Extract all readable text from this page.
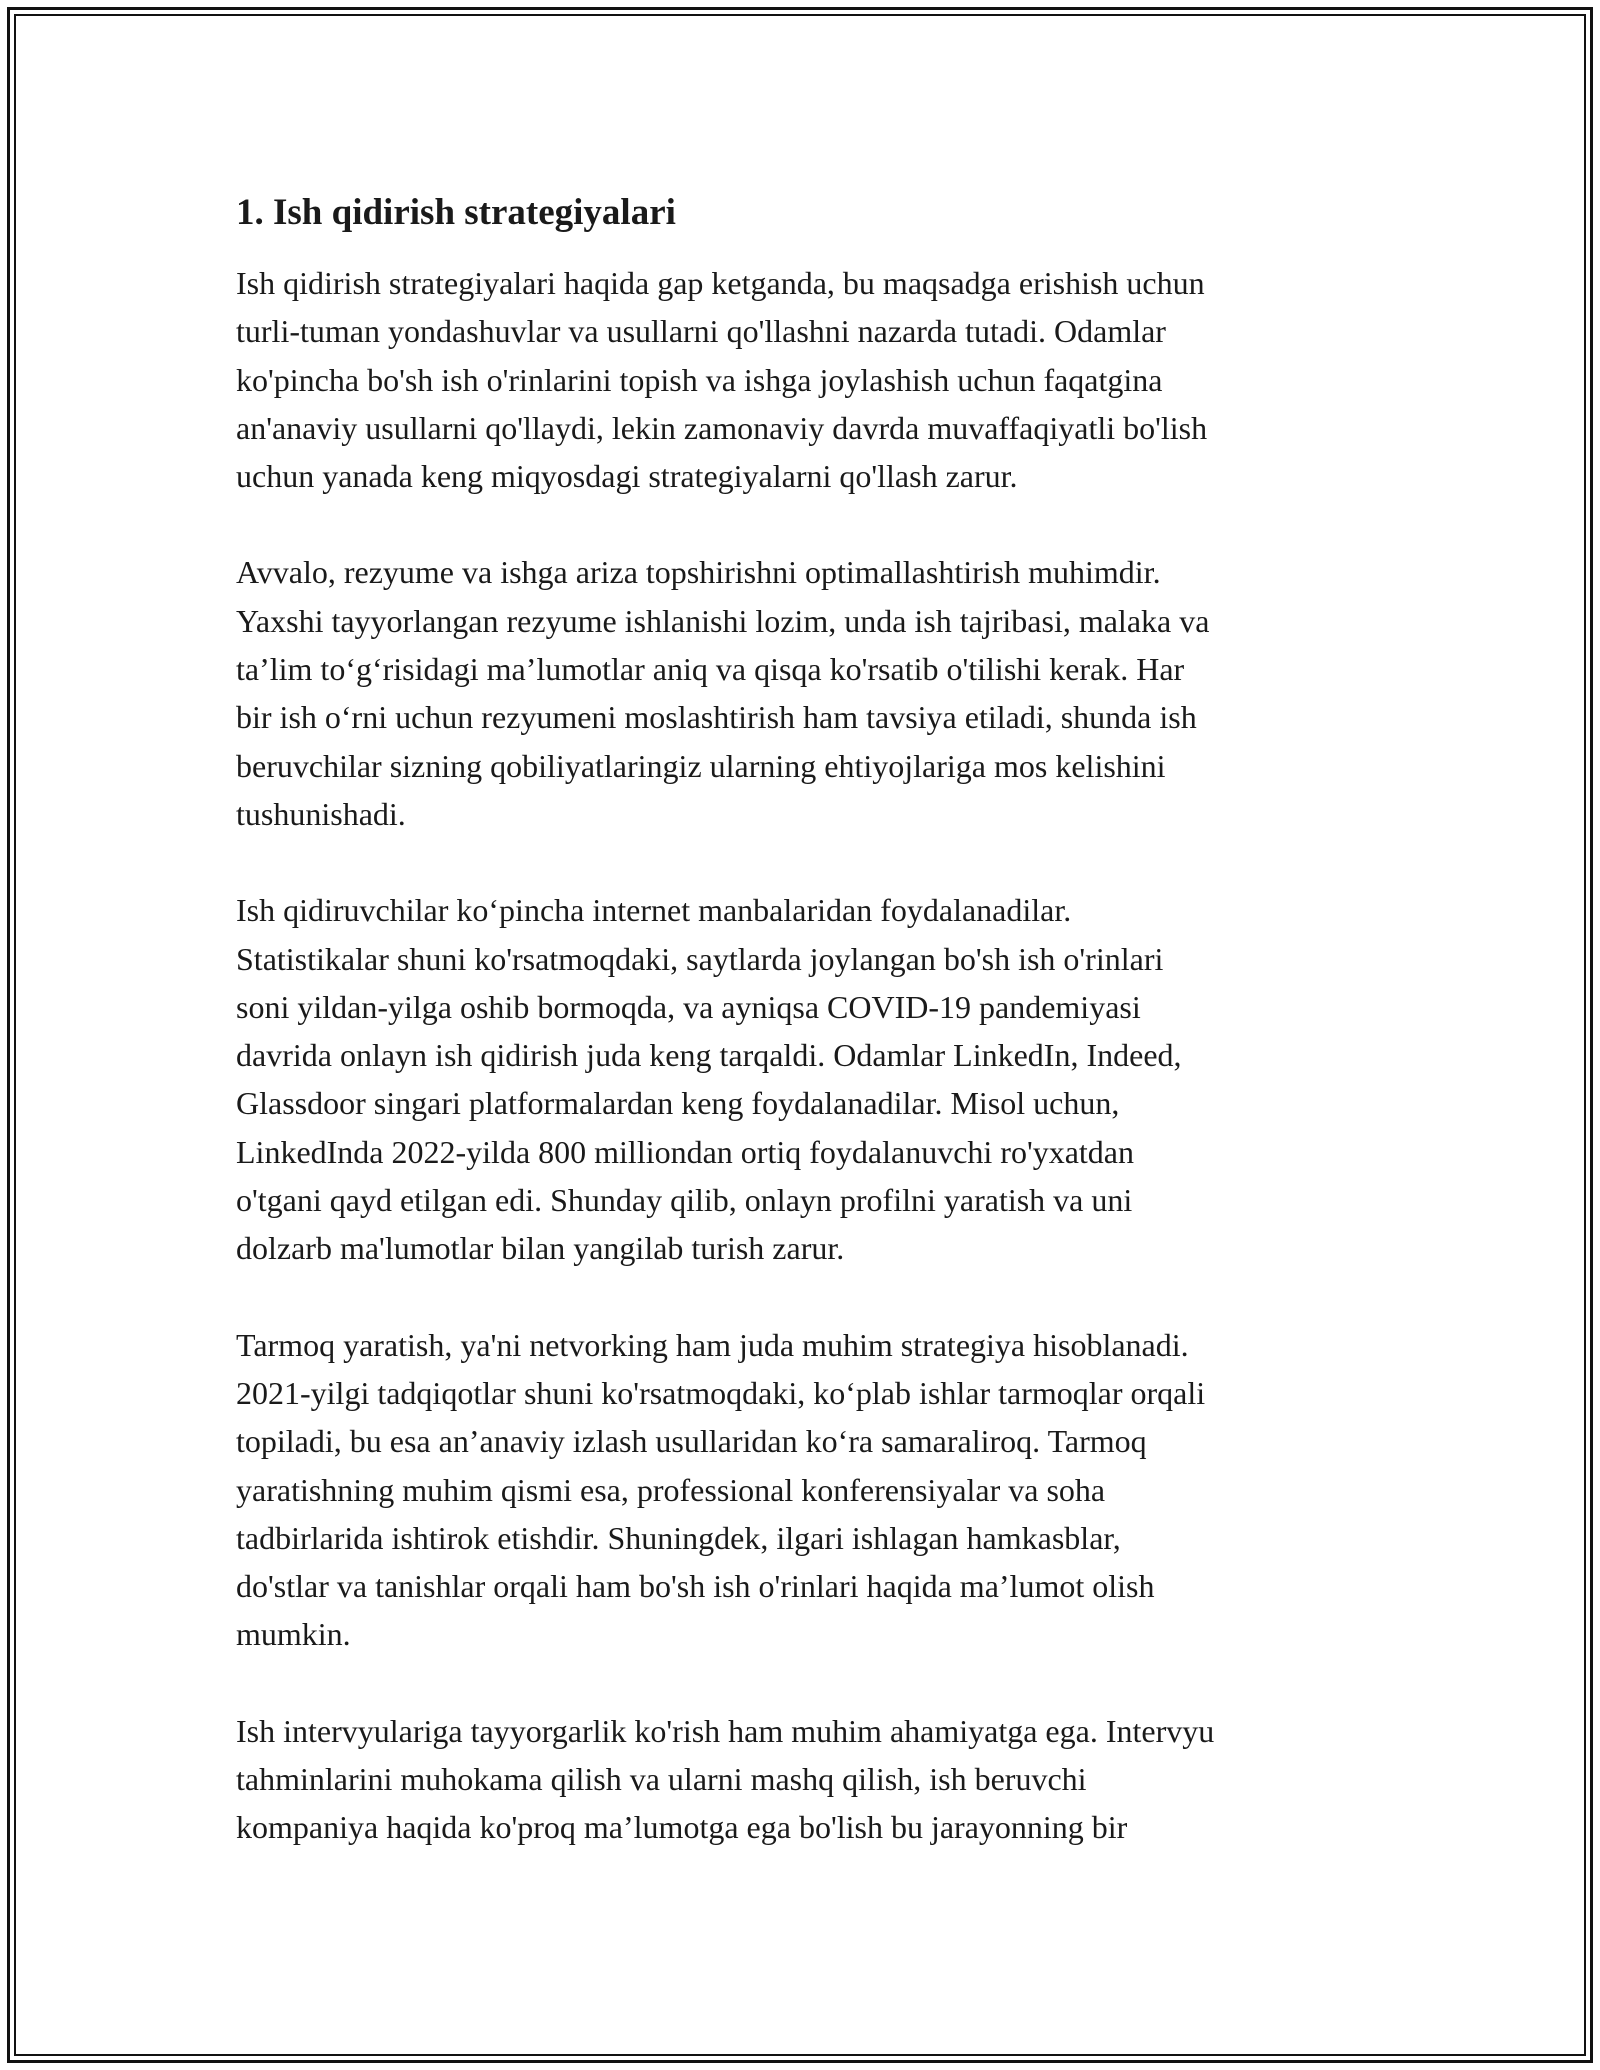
1. Ish qidirish strategiyalari
Ish qidirish strategiyalari haqida gap ketganda, bu maqsadga erishish uchun
turli-tuman yondashuvlar va usullarni qo'llashni nazarda tutadi. Odamlar
ko'pincha bo'sh ish o'rinlarini topish va ishga joylashish uchun faqatgina
an'anaviy usullarni qo'llaydi, lekin zamonaviy davrda muvaffaqiyatli bo'lish
uchun yanada keng miqyosdagi strategiyalarni qo'llash zarur.
Avvalo, rezyume va ishga ariza topshirishni optimallashtirish muhimdir.
Yaxshi tayyorlangan rezyume ishlanishi lozim, unda ish tajribasi, malaka va
ta’lim to‘g‘risidagi ma’lumotlar aniq va qisqa ko'rsatib o'tilishi kerak. Har
bir ish o‘rni uchun rezyumeni moslashtirish ham tavsiya etiladi, shunda ish
beruvchilar sizning qobiliyatlaringiz ularning ehtiyojlariga mos kelishini
tushunishadi.
Ish qidiruvchilar ko‘pincha internet manbalaridan foydalanadilar.
Statistikalar shuni ko'rsatmoqdaki, saytlarda joylangan bo'sh ish o'rinlari
soni yildan-yilga oshib bormoqda, va ayniqsa COVID-19 pandemiyasi
davrida onlayn ish qidirish juda keng tarqaldi. Odamlar LinkedIn, Indeed,
Glassdoor singari platformalardan keng foydalanadilar. Misol uchun,
LinkedInda 2022-yilda 800 milliondan ortiq foydalanuvchi ro'yxatdan
o'tgani qayd etilgan edi. Shunday qilib, onlayn profilni yaratish va uni
dolzarb ma'lumotlar bilan yangilab turish zarur.
Tarmoq yaratish, ya'ni netvorking ham juda muhim strategiya hisoblanadi.
2021-yilgi tadqiqotlar shuni ko'rsatmoqdaki, ko‘plab ishlar tarmoqlar orqali
topiladi, bu esa an’anaviy izlash usullaridan ko‘ra samaraliroq. Tarmoq
yaratishning muhim qismi esa, professional konferensiyalar va soha
tadbirlarida ishtirok etishdir. Shuningdek, ilgari ishlagan hamkasblar,
do'stlar va tanishlar orqali ham bo'sh ish o'rinlari haqida ma’lumot olish
mumkin.
Ish intervyulariga tayyorgarlik ko'rish ham muhim ahamiyatga ega. Intervyu
tahminlarini muhokama qilish va ularni mashq qilish, ish beruvchi
kompaniya haqida ko'proq ma’lumotga ega bo'lish bu jarayonning bir
